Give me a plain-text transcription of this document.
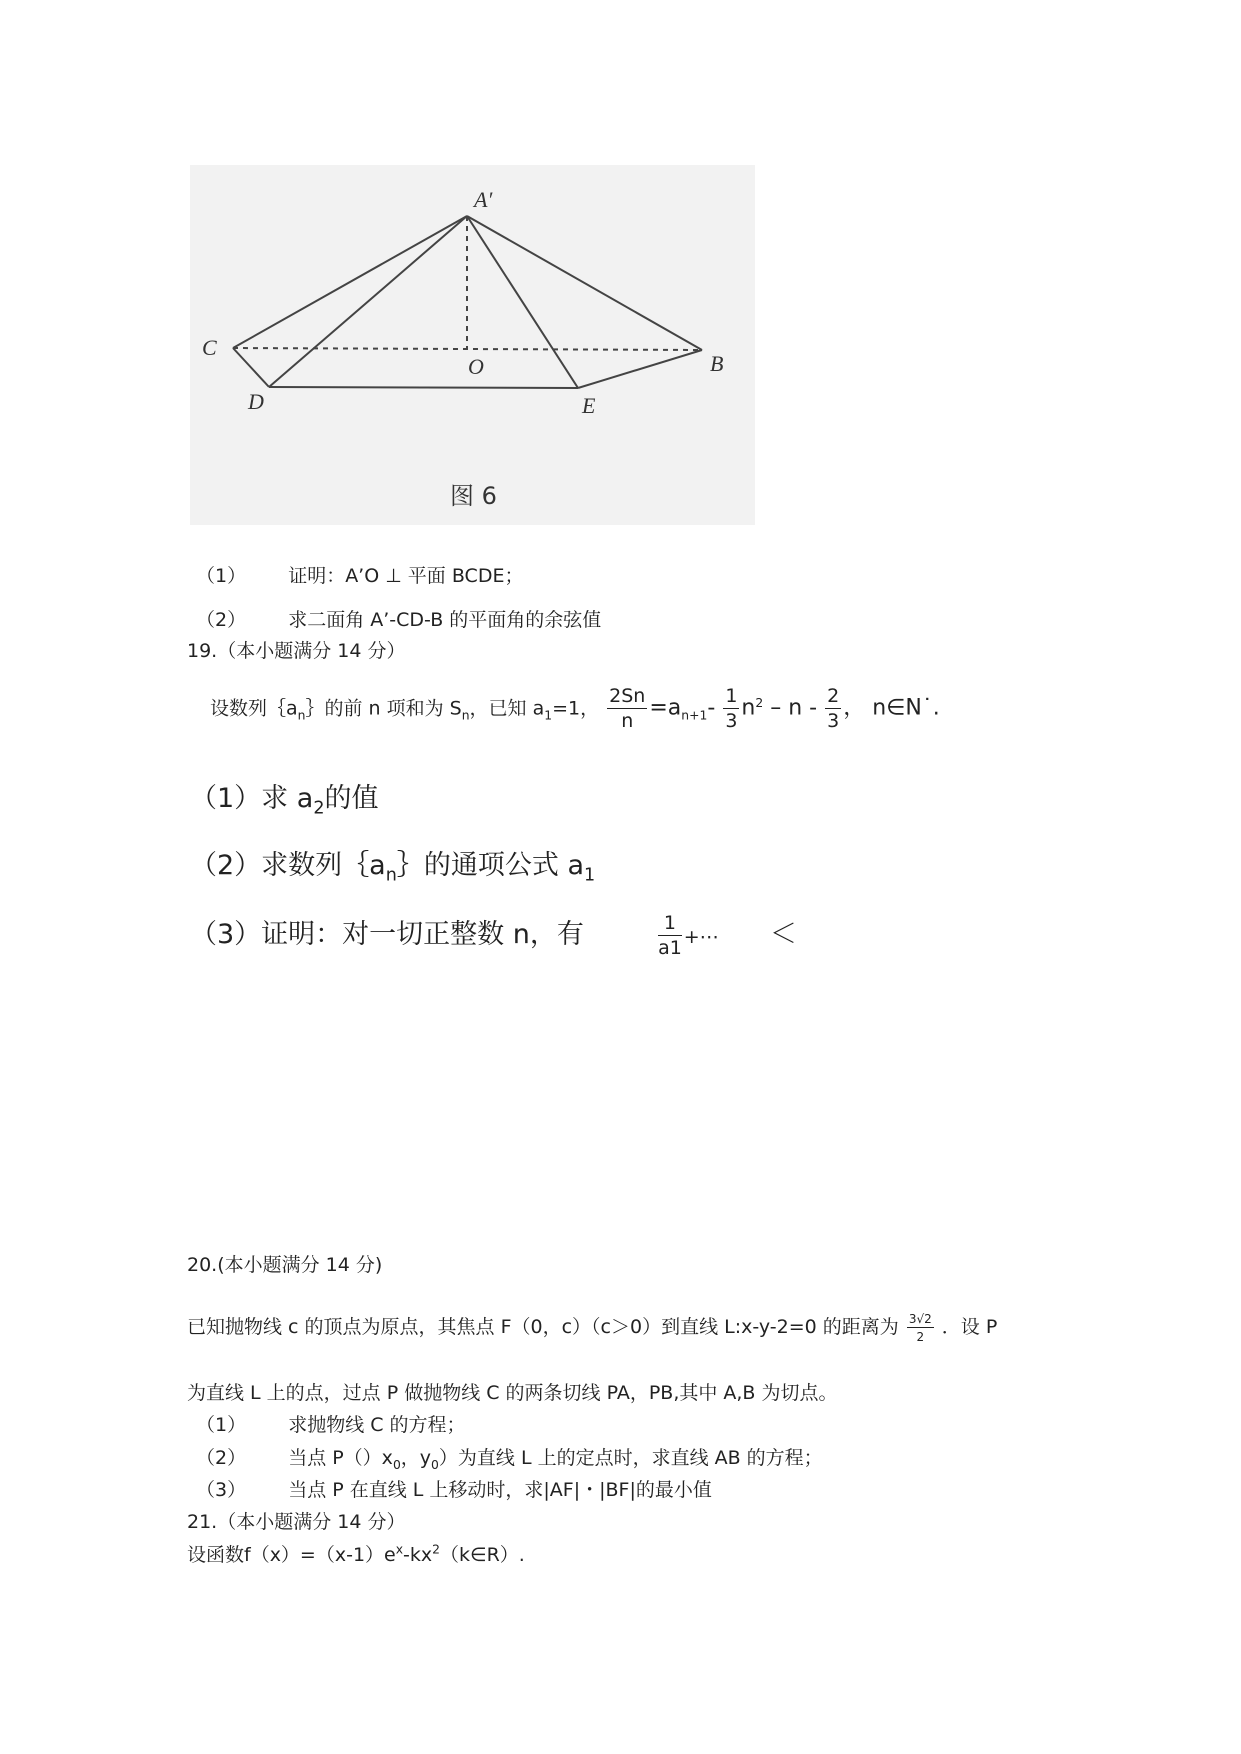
A′
B
C
D	E
O
图 6
（1） 证明：A’O ⊥ 平面 BCDE；
（2） 求二面角 A’-CD-B 的平面角的余弦值
19.（本小题满分 14 分）
设数列$\{a_n\}$的前 n 项和为 $S_n$，已知 $a_1=1$， $\frac{2Sn}{n} =a_{n+1}- \frac{1}{3} n^2 - n - \frac{2}{3}$ ， n∈N˙.
（1）求 $a_2$的值
（2）求数列$\{a_n\}$的通项公式 $a_1$
（3）证明：对一切正整数 n，有	$\frac{1}{a1}$ +⋯ ＜
20.(本小题满分 14 分)
已知抛物线 c 的顶点为原点，其焦点 F（0，c）（c＞0）到直线 L:x-y-2=0 的距离为 $\frac{3√2}{2}$ ．设 P
为直线 L 上的点，过点 P 做抛物线 C 的两条切线 PA，PB,其中 A,B 为切点。
（1） 求抛物线 C 的方程；
（2） 当点 $P()x_0$，$y_0$）为直线 L 上的定点时，求直线 AB 的方程；
（3） 当点 P 在直线 L 上移动时，求|AF|・|BF|的最小值
21.（本小题满分 14 分）
设函数$f(x)=(x-1)e^x-kx^2(k\in R)$.
